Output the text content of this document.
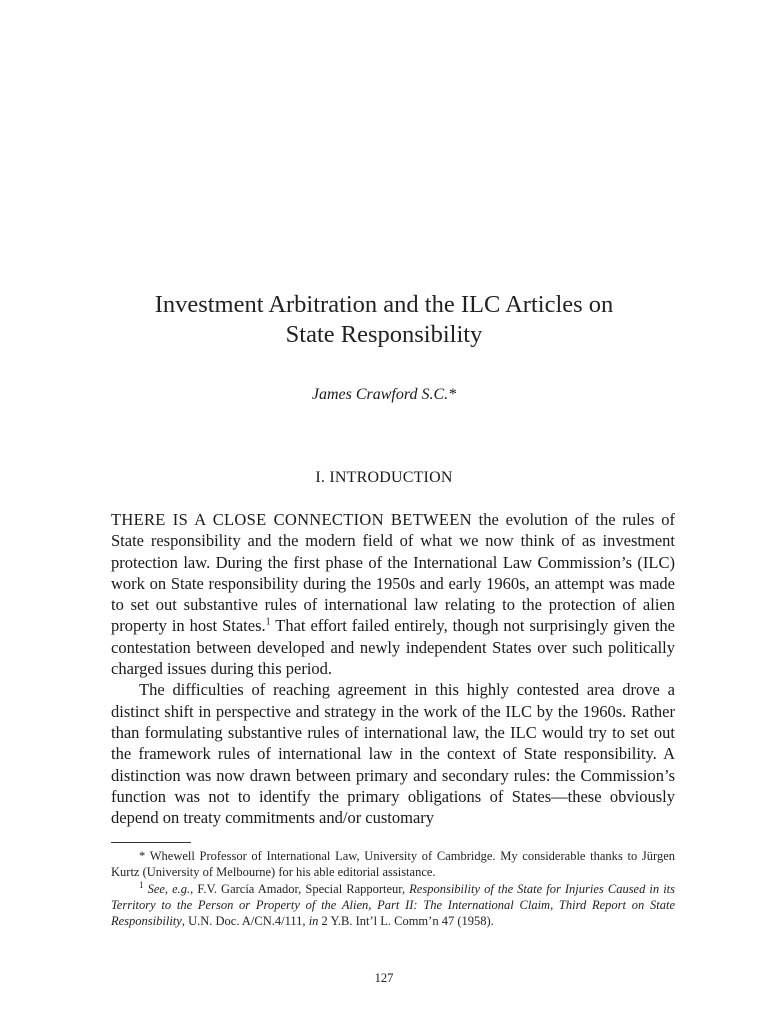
Investment Arbitration and the ILC Articles on
State Responsibility
James Crawford S.C.*
I. INTRODUCTION

THERE IS A CLOSE CONNECTION BETWEEN the evolution of the rules of State responsibility and the modern field of what we now think of as investment protection law. During the first phase of the International Law Commission’s (ILC) work on State responsibility during the 1950s and early 1960s, an attempt was made to set out substantive rules of international law relating to the protection of alien property in host States.$^1$ That effort failed entirely, though not surprisingly given the contestation between developed and newly independent States over such politically charged issues during this period.

The difficulties of reaching agreement in this highly contested area drove a distinct shift in perspective and strategy in the work of the ILC by the 1960s. Rather than formulating substantive rules of international law, the ILC would try to set out the framework rules of international law in the context of State responsibility. A distinction was now drawn between primary and secondary rules: the Commission’s function was not to identify the primary obligations of States—these obviously depend on treaty commitments and/or customary

* Whewell Professor of International Law, University of Cambridge. My considerable thanks to Jürgen Kurtz (University of Melbourne) for his able editorial assistance.

$^1$ See, e.g., F.V. García Amador, Special Rapporteur, Responsibility of the State for Injuries Caused in its Territory to the Person or Property of the Alien, Part II: The International Claim, Third Report on State Responsibility, U.N. Doc. A/CN.4/111, in 2 Y.B. Int’l L. Comm’n 47 (1958).

127
